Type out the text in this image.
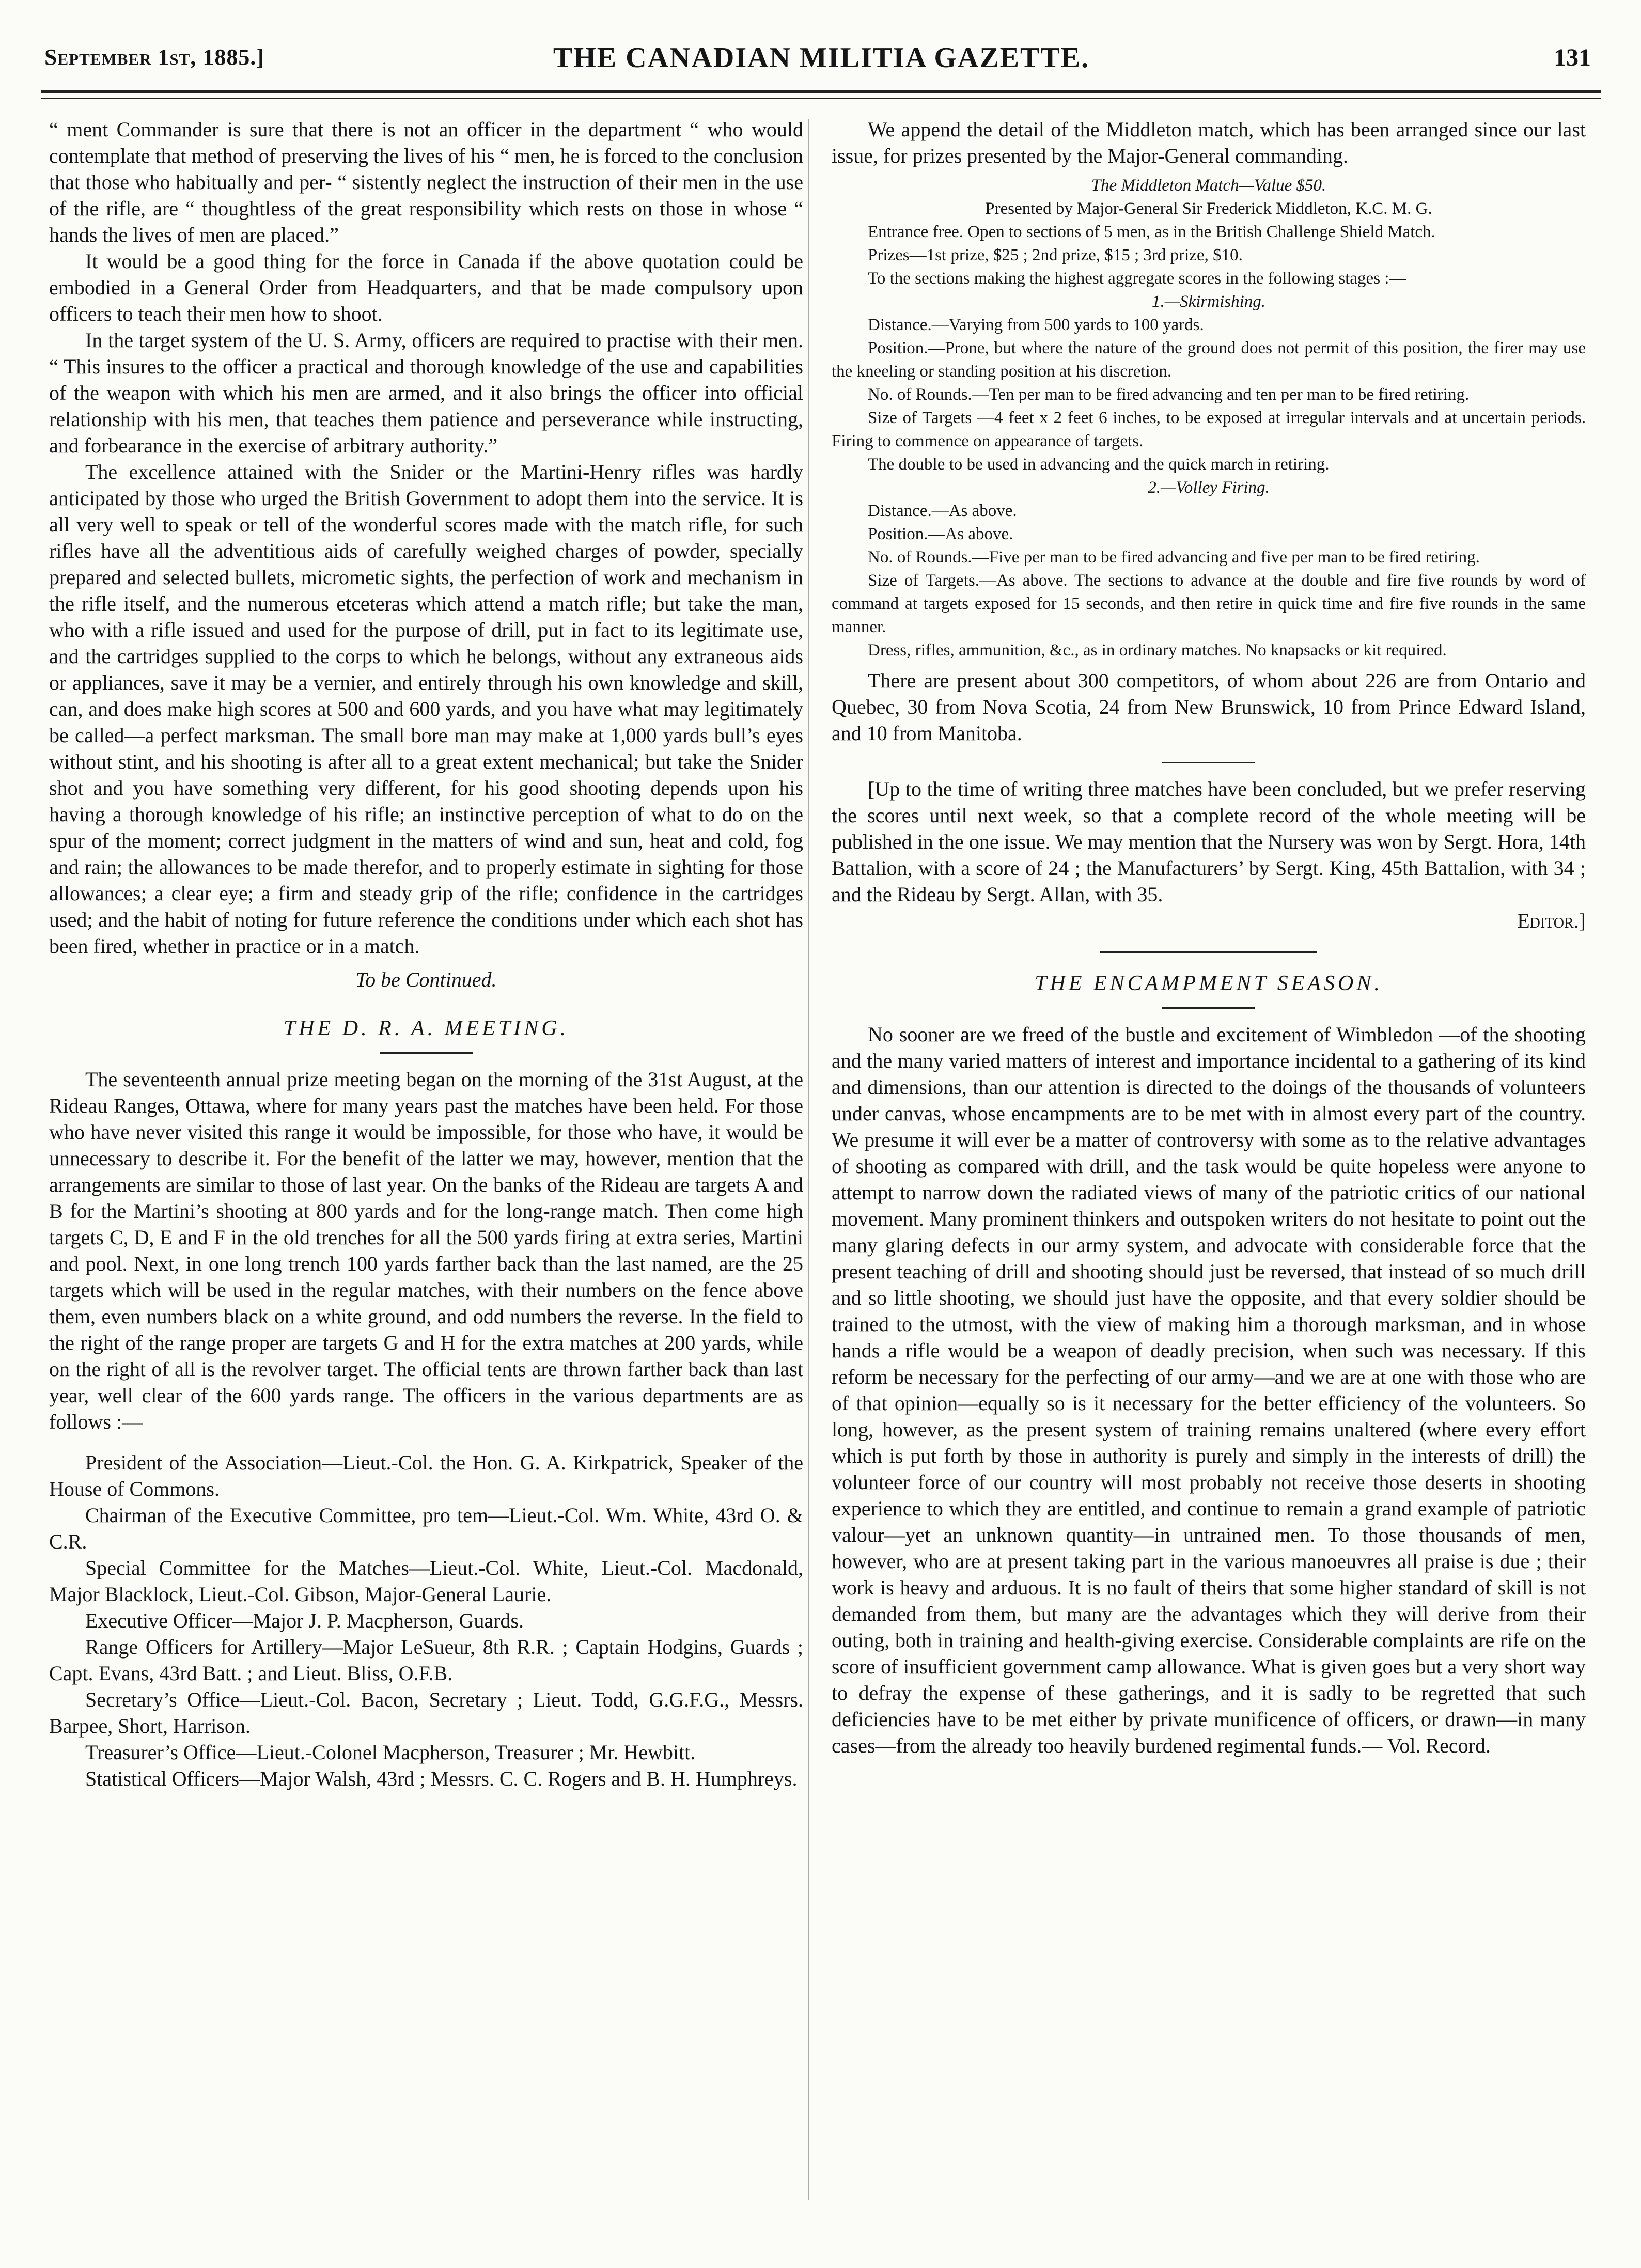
September 1st, 1885.]	THE CANADIAN MILITIA GAZETTE.	131

“ ment Commander is sure that there is not an officer in the department “ who would contemplate that method of preserving the lives of his “ men, he is forced to the conclusion that those who habitually and per- “ sistently neglect the instruction of their men in the use of the rifle, are “ thoughtless of the great responsibility which rests on those in whose “ hands the lives of men are placed.”

It would be a good thing for the force in Canada if the above quotation could be embodied in a General Order from Headquarters, and that be made compulsory upon officers to teach their men how to shoot.

In the target system of the U. S. Army, officers are required to practise with their men. “ This insures to the officer a practical and thorough knowledge of the use and capabilities of the weapon with which his men are armed, and it also brings the officer into official relationship with his men, that teaches them patience and perseverance while instructing, and forbearance in the exercise of arbitrary authority.”

The excellence attained with the Snider or the Martini-Henry rifles was hardly anticipated by those who urged the British Government to adopt them into the service. It is all very well to speak or tell of the wonderful scores made with the match rifle, for such rifles have all the adventitious aids of carefully weighed charges of powder, specially prepared and selected bullets, micrometic sights, the perfection of work and mechanism in the rifle itself, and the numerous etceteras which attend a match rifle; but take the man, who with a rifle issued and used for the purpose of drill, put in fact to its legitimate use, and the cartridges supplied to the corps to which he belongs, without any extraneous aids or appliances, save it may be a vernier, and entirely through his own knowledge and skill, can, and does make high scores at 500 and 600 yards, and you have what may legitimately be called—a perfect marksman. The small bore man may make at 1,000 yards bull’s eyes without stint, and his shooting is after all to a great extent mechanical; but take the Snider shot and you have something very different, for his good shooting depends upon his having a thorough knowledge of his rifle; an instinctive perception of what to do on the spur of the moment; correct judgment in the matters of wind and sun, heat and cold, fog and rain; the allowances to be made therefor, and to properly estimate in sighting for those allowances; a clear eye; a firm and steady grip of the rifle; confidence in the cartridges used; and the habit of noting for future reference the conditions under which each shot has been fired, whether in practice or in a match.

To be Continued.

THE D. R. A. MEETING.

The seventeenth annual prize meeting began on the morning of the 31st August, at the Rideau Ranges, Ottawa, where for many years past the matches have been held. For those who have never visited this range it would be impossible, for those who have, it would be unnecessary to describe it. For the benefit of the latter we may, however, mention that the arrangements are similar to those of last year. On the banks of the Rideau are targets A and B for the Martini’s shooting at 800 yards and for the long-range match. Then come high targets C, D, E and F in the old trenches for all the 500 yards firing at extra series, Martini and pool. Next, in one long trench 100 yards farther back than the last named, are the 25 targets which will be used in the regular matches, with their numbers on the fence above them, even numbers black on a white ground, and odd numbers the reverse. In the field to the right of the range proper are targets G and H for the extra matches at 200 yards, while on the right of all is the revolver target. The official tents are thrown farther back than last year, well clear of the 600 yards range. The officers in the various departments are as follows :—

President of the Association—Lieut.-Col. the Hon. G. A. Kirkpatrick, Speaker of the House of Commons.

Chairman of the Executive Committee, pro tem—Lieut.-Col. Wm. White, 43rd O. & C.R.

Special Committee for the Matches—Lieut.-Col. White, Lieut.-Col. Macdonald, Major Blacklock, Lieut.-Col. Gibson, Major-General Laurie.

Executive Officer—Major J. P. Macpherson, Guards.

Range Officers for Artillery—Major LeSueur, 8th R.R. ; Captain Hodgins, Guards ; Capt. Evans, 43rd Batt. ; and Lieut. Bliss, O.F.B.

Secretary’s Office—Lieut.-Col. Bacon, Secretary ; Lieut. Todd, G.G.F.G., Messrs. Barpee, Short, Harrison.

Treasurer’s Office—Lieut.-Colonel Macpherson, Treasurer ; Mr. Hewbitt.

Statistical Officers—Major Walsh, 43rd ; Messrs. C. C. Rogers and B. H. Humphreys.

We append the detail of the Middleton match, which has been arranged since our last issue, for prizes presented by the Major-General commanding.

The Middleton Match—Value $50.

Presented by Major-General Sir Frederick Middleton, K.C. M. G.

Entrance free. Open to sections of 5 men, as in the British Challenge Shield Match.

Prizes—1st prize, $25 ; 2nd prize, $15 ; 3rd prize, $10.

To the sections making the highest aggregate scores in the following stages :—

1.—Skirmishing.

Distance.—Varying from 500 yards to 100 yards.

Position.—Prone, but where the nature of the ground does not permit of this position, the firer may use the kneeling or standing position at his discretion.

No. of Rounds.—Ten per man to be fired advancing and ten per man to be fired retiring.

Size of Targets —4 feet x 2 feet 6 inches, to be exposed at irregular intervals and at uncertain periods. Firing to commence on appearance of targets.

The double to be used in advancing and the quick march in retiring.

2.—Volley Firing.

Distance.—As above.

Position.—As above.

No. of Rounds.—Five per man to be fired advancing and five per man to be fired retiring.

Size of Targets.—As above. The sections to advance at the double and fire five rounds by word of command at targets exposed for 15 seconds, and then retire in quick time and fire five rounds in the same manner.

Dress, rifles, ammunition, &c., as in ordinary matches. No knapsacks or kit required.

There are present about 300 competitors, of whom about 226 are from Ontario and Quebec, 30 from Nova Scotia, 24 from New Brunswick, 10 from Prince Edward Island, and 10 from Manitoba.

[Up to the time of writing three matches have been concluded, but we prefer reserving the scores until next week, so that a complete record of the whole meeting will be published in the one issue. We may mention that the Nursery was won by Sergt. Hora, 14th Battalion, with a score of 24 ; the Manufacturers’ by Sergt. King, 45th Battalion, with 34 ; and the Rideau by Sergt. Allan, with 35.

Editor.]

THE ENCAMPMENT SEASON.

No sooner are we freed of the bustle and excitement of Wimbledon —of the shooting and the many varied matters of interest and importance incidental to a gathering of its kind and dimensions, than our attention is directed to the doings of the thousands of volunteers under canvas, whose encampments are to be met with in almost every part of the country. We presume it will ever be a matter of controversy with some as to the relative advantages of shooting as compared with drill, and the task would be quite hopeless were anyone to attempt to narrow down the radiated views of many of the patriotic critics of our national movement. Many prominent thinkers and outspoken writers do not hesitate to point out the many glaring defects in our army system, and advocate with considerable force that the present teaching of drill and shooting should just be reversed, that instead of so much drill and so little shooting, we should just have the opposite, and that every soldier should be trained to the utmost, with the view of making him a thorough marksman, and in whose hands a rifle would be a weapon of deadly precision, when such was necessary. If this reform be necessary for the perfecting of our army—and we are at one with those who are of that opinion—equally so is it necessary for the better efficiency of the volunteers. So long, however, as the present system of training remains unaltered (where every effort which is put forth by those in authority is purely and simply in the interests of drill) the volunteer force of our country will most probably not receive those deserts in shooting experience to which they are entitled, and continue to remain a grand example of patriotic valour—yet an unknown quantity—in untrained men. To those thousands of men, however, who are at present taking part in the various manoeuvres all praise is due ; their work is heavy and arduous. It is no fault of theirs that some higher standard of skill is not demanded from them, but many are the advantages which they will derive from their outing, both in training and health-giving exercise. Considerable complaints are rife on the score of insufficient government camp allowance. What is given goes but a very short way to defray the expense of these gatherings, and it is sadly to be regretted that such deficiencies have to be met either by private munificence of officers, or drawn—in many cases—from the already too heavily burdened regimental funds.— Vol. Record.
